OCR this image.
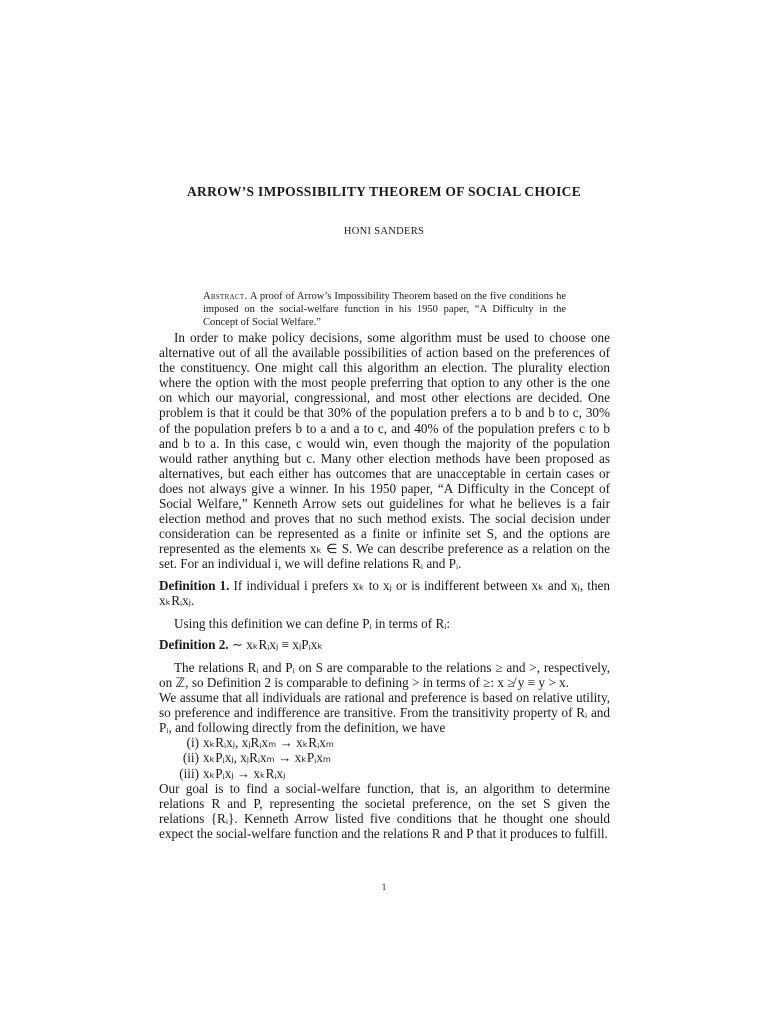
ARROW’S IMPOSSIBILITY THEOREM OF SOCIAL CHOICE
HONI SANDERS
Abstract. A proof of Arrow’s Impossibility Theorem based on the five conditions he imposed on the social-welfare function in his 1950 paper, “A Difficulty in the Concept of Social Welfare.”

In order to make policy decisions, some algorithm must be used to choose one alternative out of all the available possibilities of action based on the preferences of the constituency. One might call this algorithm an election. The plurality election where the option with the most people preferring that option to any other is the one on which our mayorial, congressional, and most other elections are decided. One problem is that it could be that 30% of the population prefers a to b and b to c, 30% of the population prefers b to a and a to c, and 40% of the population prefers c to b and b to a. In this case, c would win, even though the majority of the population would rather anything but c. Many other election methods have been proposed as alternatives, but each either has outcomes that are unacceptable in certain cases or does not always give a winner. In his 1950 paper, “A Difficulty in the Concept of Social Welfare,” Kenneth Arrow sets out guidelines for what he believes is a fair election method and proves that no such method exists. The social decision under consideration can be represented as a finite or infinite set S, and the options are represented as the elements xₖ ∈ S. We can describe preference as a relation on the set. For an individual i, we will define relations Rᵢ and Pᵢ.

Definition 1. If individual i prefers xₖ to xⱼ or is indifferent between xₖ and xⱼ, then xₖRᵢxⱼ.

Using this definition we can define Pᵢ in terms of Rᵢ:

Definition 2. ∼ xₖRᵢxⱼ ≡ xⱼPᵢxₖ

The relations Rᵢ and Pᵢ on S are comparable to the relations ≥ and >, respectively, on ℤ, so Definition 2 is comparable to defining > in terms of ≥: x ≱ y ≡ y > x.

We assume that all individuals are rational and preference is based on relative utility, so preference and indifference are transitive. From the transitivity property of Rᵢ and Pᵢ, and following directly from the definition, we have

(i) xₖRᵢxⱼ, xⱼRᵢxₘ → xₖRᵢxₘ
(ii) xₖPᵢxⱼ, xⱼRᵢxₘ → xₖPᵢxₘ
(iii) xₖPᵢxⱼ → xₖRᵢxⱼ

Our goal is to find a social-welfare function, that is, an algorithm to determine relations R and P, representing the societal preference, on the set S given the relations {Rᵢ}. Kenneth Arrow listed five conditions that he thought one should expect the social-welfare function and the relations R and P that it produces to fulfill.

1
